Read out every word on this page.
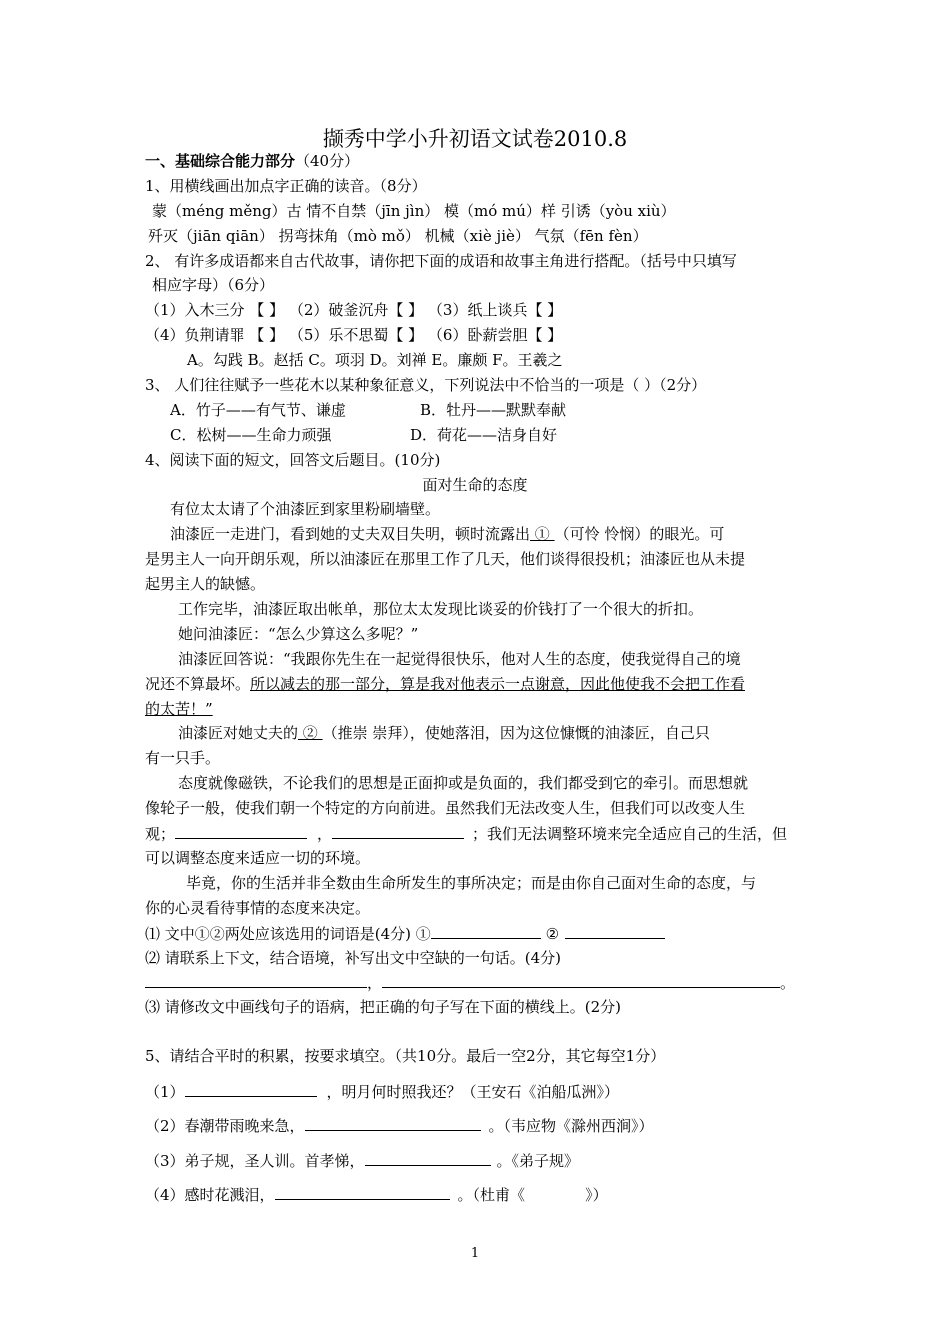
撷秀中学小升初语文试卷2010.8
一、基础综合能力部分（40分）
1、用横线画出加点字正确的读音。（8分）
蒙（méng měng）古 情不自禁（jīn jìn） 模（mó mú）样 引诱（yòu xiù）
歼灭（jiān qiān） 拐弯抹角（mò mǒ） 机械（xiè jiè） 气氛（fēn fèn）
2、 有许多成语都来自古代故事，请你把下面的成语和故事主角进行搭配。（括号中只填写
相应字母）（6分）
（1）入木三分 【 】 （2）破釜沉舟【 】 （3）纸上谈兵【 】
（4）负荆请罪 【 】 （5）乐不思蜀【 】 （6）卧薪尝胆【 】
A。勾践 B。赵括 C。项羽 D。刘禅 E。廉颇 F。王羲之
3、 人们往往赋予一些花木以某种象征意义，下列说法中不恰当的一项是（ ）（2分）
A．竹子——有气节、谦虚	B．牡丹——默默奉献
C．松树——生命力顽强	D．荷花——洁身自好
4、阅读下面的短文，回答文后题目。(10分)
面对生命的态度
有位太太请了个油漆匠到家里粉刷墙壁。
油漆匠一走进门，看到她的丈夫双目失明，顿时流露出 ① （可怜 怜悯）的眼光。可
是男主人一向开朗乐观，所以油漆匠在那里工作了几天，他们谈得很投机；油漆匠也从未提
起男主人的缺憾。
工作完毕，油漆匠取出帐单，那位太太发现比谈妥的价钱打了一个很大的折扣。
她问油漆匠：“怎么少算这么多呢？”
油漆匠回答说：“我跟你先生在一起觉得很快乐，他对人生的态度，使我觉得自己的境
况还不算最坏。所以减去的那一部分，算是我对他表示一点谢意，因此他使我不会把工作看
的太苦！”
油漆匠对她丈夫的 ② （推崇 崇拜），使她落泪，因为这位慷慨的油漆匠，自己只
有一只手。
态度就像磁铁，不论我们的思想是正面抑或是负面的，我们都受到它的牵引。而思想就
像轮子一般，使我们朝一个特定的方向前进。虽然我们无法改变人生，但我们可以改变人生
观；	，	；我们无法调整环境来完全适应自己的生活，但
可以调整态度来适应一切的环境。
毕竟，你的生活并非全数由生命所发生的事所决定；而是由你自己面对生命的态度，与
你的心灵看待事情的态度来决定。
⑴ 文中①②两处应该选用的词语是(4分) ①	②
⑵ 请联系上下文，结合语境，补写出文中空缺的一句话。(4分)
，	。
⑶ 请修改文中画线句子的语病，把正确的句子写在下面的横线上。(2分)
5、请结合平时的积累，按要求填空。（共10分。最后一空2分，其它每空1分）
（1）	，明月何时照我还？（王安石《泊船瓜洲》）
（2）春潮带雨晚来急，	。（韦应物《滁州西涧》）
（3）弟子规，圣人训。首孝悌，	。《弟子规》
（4）感时花溅泪，	。（杜甫《	》）
1
